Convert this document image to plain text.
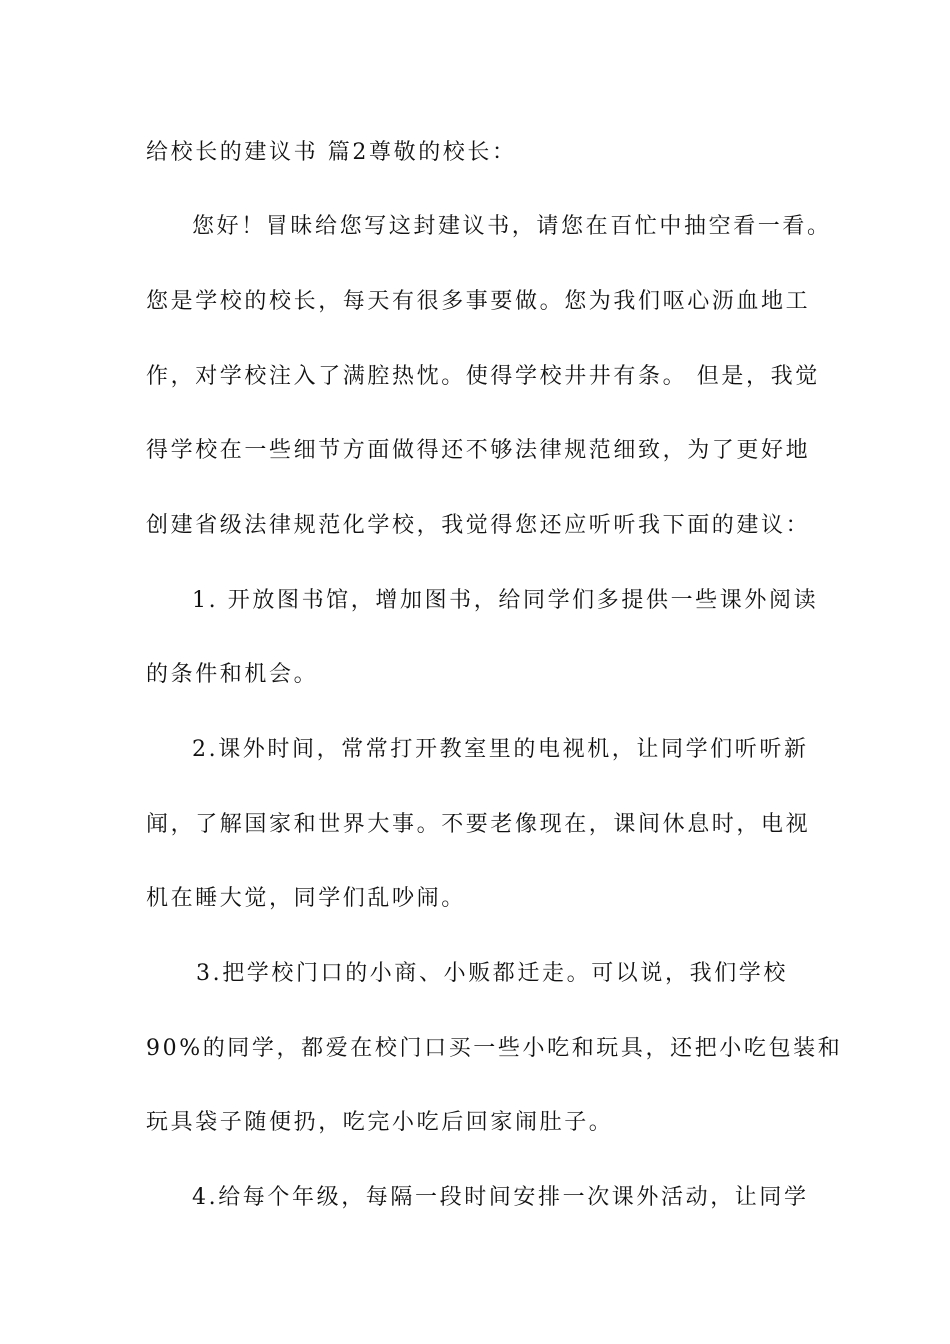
给校长的建议书 篇2尊敬的校长：
您好！冒昧给您写这封建议书，请您在百忙中抽空看一看。
您是学校的校长，每天有很多事要做。您为我们呕心沥血地工
作，对学校注入了满腔热忱。使得学校井井有条。 但是，我觉
得学校在一些细节方面做得还不够法律规范细致，为了更好地
创建省级法律规范化学校，我觉得您还应听听我下面的建议：
1. 开放图书馆，增加图书，给同学们多提供一些课外阅读
的条件和机会。
2.课外时间，常常打开教室里的电视机，让同学们听听新
闻，了解国家和世界大事。不要老像现在，课间休息时，电视
机在睡大觉，同学们乱吵闹。
3.把学校门口的小商、小贩都迁走。可以说，我们学校
90%的同学，都爱在校门口买一些小吃和玩具，还把小吃包装和
玩具袋子随便扔，吃完小吃后回家闹肚子。
4.给每个年级，每隔一段时间安排一次课外活动，让同学
